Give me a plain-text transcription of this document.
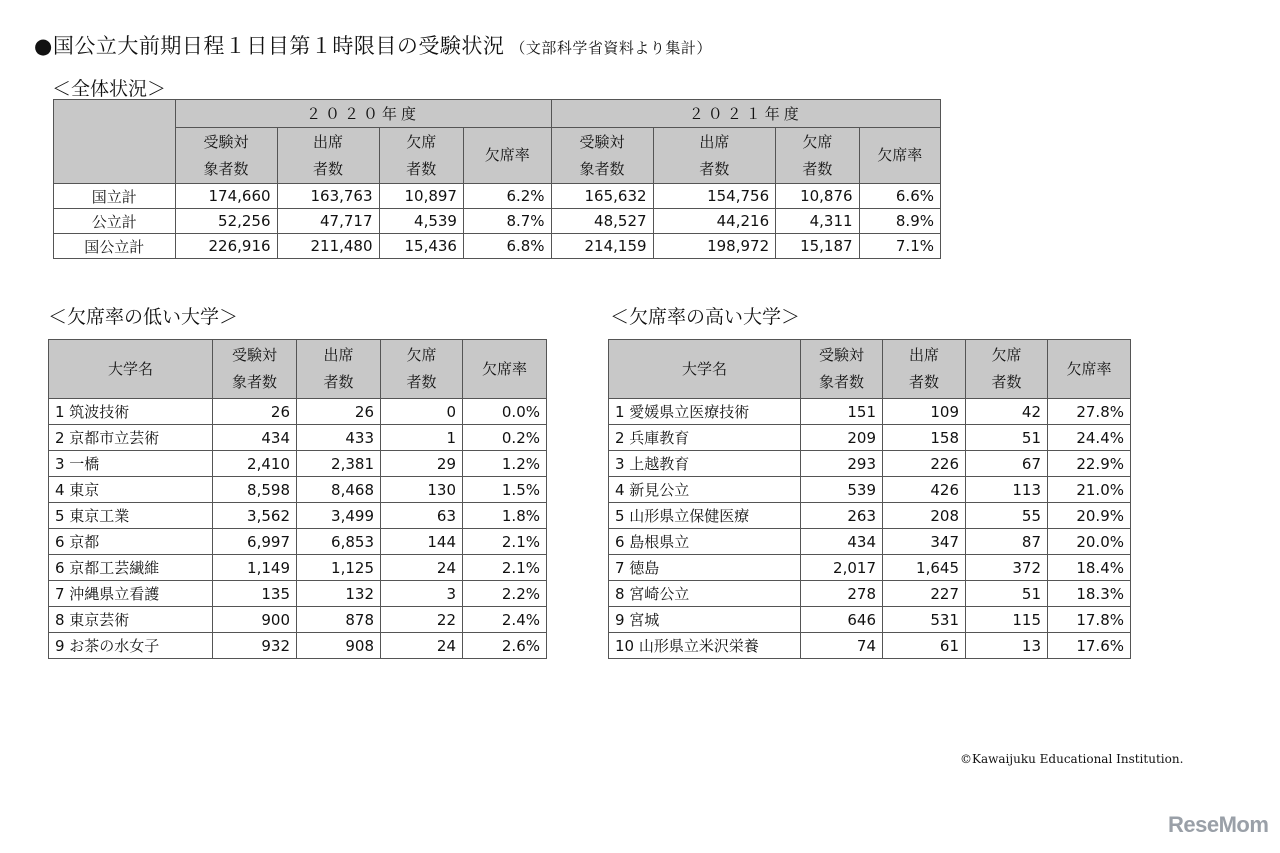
●国公立大前期日程１日目第１時限目の受験状況 （文部科学省資料より集計）
＜全体状況＞
	２０２０年度				２０２１年度			
	受験対
象者数	出席
者数	欠席
者数	欠席率	受験対
象者数	出席
者数	欠席
者数	欠席率
国立計	174,660	163,763	10,897	6.2%	165,632	154,756	10,876	6.6%
公立計	52,256	47,717	4,539	8.7%	48,527	44,216	4,311	8.9%
国公立計	226,916	211,480	15,436	6.8%	214,159	198,972	15,187	7.1%
＜欠席率の低い大学＞
大学名	受験対
象者数	出席
者数	欠席
者数	欠席率
1 筑波技術	26	26	0	0.0%
2 京都市立芸術	434	433	1	0.2%
3 一橋	2,410	2,381	29	1.2%
4 東京	8,598	8,468	130	1.5%
5 東京工業	3,562	3,499	63	1.8%
6 京都	6,997	6,853	144	2.1%
6 京都工芸繊維	1,149	1,125	24	2.1%
7 沖縄県立看護	135	132	3	2.2%
8 東京芸術	900	878	22	2.4%
9 お茶の水女子	932	908	24	2.6%
＜欠席率の高い大学＞
大学名	受験対
象者数	出席
者数	欠席
者数	欠席率
1 愛媛県立医療技術	151	109	42	27.8%
2 兵庫教育	209	158	51	24.4%
3 上越教育	293	226	67	22.9%
4 新見公立	539	426	113	21.0%
5 山形県立保健医療	263	208	55	20.9%
6 島根県立	434	347	87	20.0%
7 徳島	2,017	1,645	372	18.4%
8 宮崎公立	278	227	51	18.3%
9 宮城	646	531	115	17.8%
10 山形県立米沢栄養	74	61	13	17.6%
©Kawaijuku Educational Institution.
ReseMom
